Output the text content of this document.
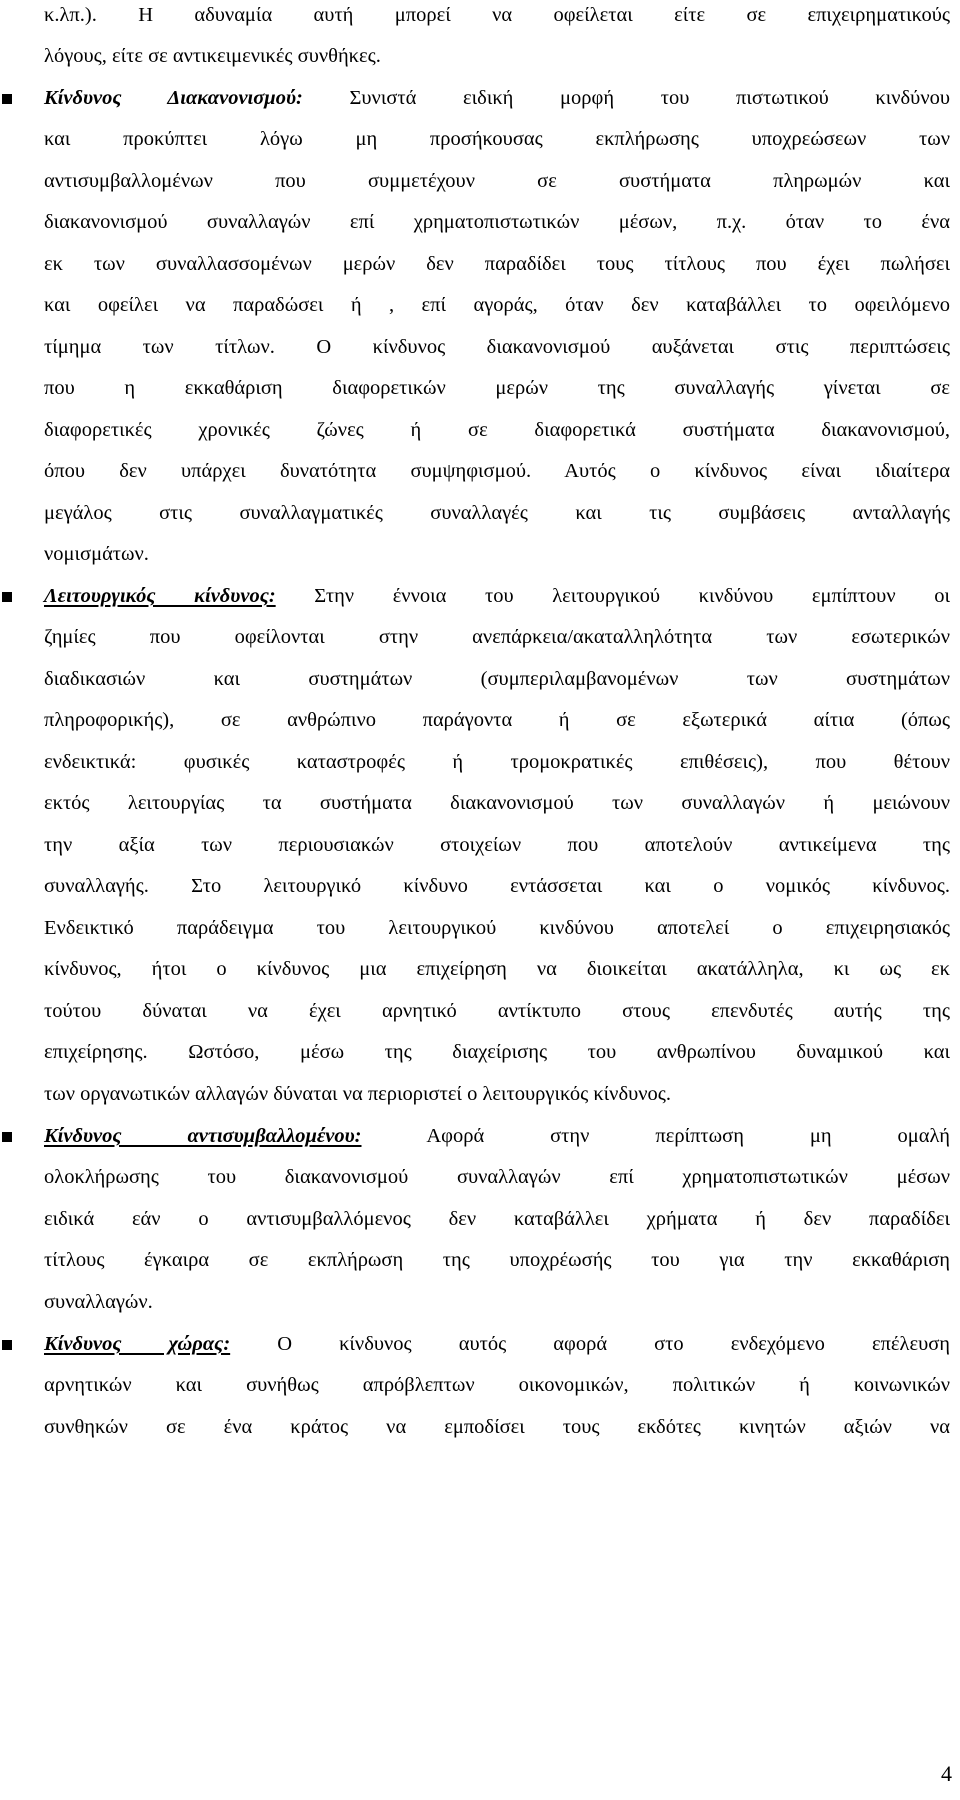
κ.λπ.). Η αδυναμία αυτή μπορεί να οφείλεται είτε σε επιχειρηματικούς
λόγους, είτε σε αντικειμενικές συνθήκες.
Κίνδυνος Διακανονισμού: Συνιστά ειδική μορφή του πιστωτικού κινδύνου
και προκύπτει λόγω μη προσήκουσας εκπλήρωσης υποχρεώσεων των
αντισυμβαλλομένων που συμμετέχουν σε συστήματα πληρωμών και
διακανονισμού συναλλαγών επί χρηματοπιστωτικών μέσων, π.χ. όταν το ένα
εκ των συναλλασσομένων μερών δεν παραδίδει τους τίτλους που έχει πωλήσει
και οφείλει να παραδώσει ή , επί αγοράς, όταν δεν καταβάλλει το οφειλόμενο
τίμημα των τίτλων. Ο κίνδυνος διακανονισμού αυξάνεται στις περιπτώσεις
που η εκκαθάριση διαφορετικών μερών της συναλλαγής γίνεται σε
διαφορετικές χρονικές ζώνες ή σε διαφορετικά συστήματα διακανονισμού,
όπου δεν υπάρχει δυνατότητα συμψηφισμού. Αυτός ο κίνδυνος είναι ιδιαίτερα
μεγάλος στις συναλλαγματικές συναλλαγές και τις συμβάσεις ανταλλαγής
νομισμάτων.
Λειτουργικός κίνδυνος: Στην έννοια του λειτουργικού κινδύνου εμπίπτουν οι
ζημίες που οφείλονται στην ανεπάρκεια/ακαταλληλότητα των εσωτερικών
διαδικασιών και συστημάτων (συμπεριλαμβανομένων των συστημάτων
πληροφορικής), σε ανθρώπινο παράγοντα ή σε εξωτερικά αίτια (όπως
ενδεικτικά: φυσικές καταστροφές ή τρομοκρατικές επιθέσεις), που θέτουν
εκτός λειτουργίας τα συστήματα διακανονισμού των συναλλαγών ή μειώνουν
την αξία των περιουσιακών στοιχείων που αποτελούν αντικείμενα της
συναλλαγής. Στο λειτουργικό κίνδυνο εντάσσεται και ο νομικός κίνδυνος.
Ενδεικτικό παράδειγμα του λειτουργικού κινδύνου αποτελεί ο επιχειρησιακός
κίνδυνος, ήτοι ο κίνδυνος μια επιχείρηση να διοικείται ακατάλληλα, κι ως εκ
τούτου δύναται να έχει αρνητικό αντίκτυπο στους επενδυτές αυτής της
επιχείρησης. Ωστόσο, μέσω της διαχείρισης του ανθρωπίνου δυναμικού και
των οργανωτικών αλλαγών δύναται να περιοριστεί ο λειτουργικός κίνδυνος.
Κίνδυνος αντισυμβαλλομένου: Αφορά στην περίπτωση μη ομαλή
ολοκλήρωσης του διακανονισμού συναλλαγών επί χρηματοπιστωτικών μέσων
ειδικά εάν ο αντισυμβαλλόμενος δεν καταβάλλει χρήματα ή δεν παραδίδει
τίτλους έγκαιρα σε εκπλήρωση της υποχρέωσής του για την εκκαθάριση
συναλλαγών.
Κίνδυνος χώρας: Ο κίνδυνος αυτός αφορά στο ενδεχόμενο επέλευση
αρνητικών και συνήθως απρόβλεπτων οικονομικών, πολιτικών ή κοινωνικών
συνθηκών σε ένα κράτος να εμποδίσει τους εκδότες κινητών αξιών να
4
